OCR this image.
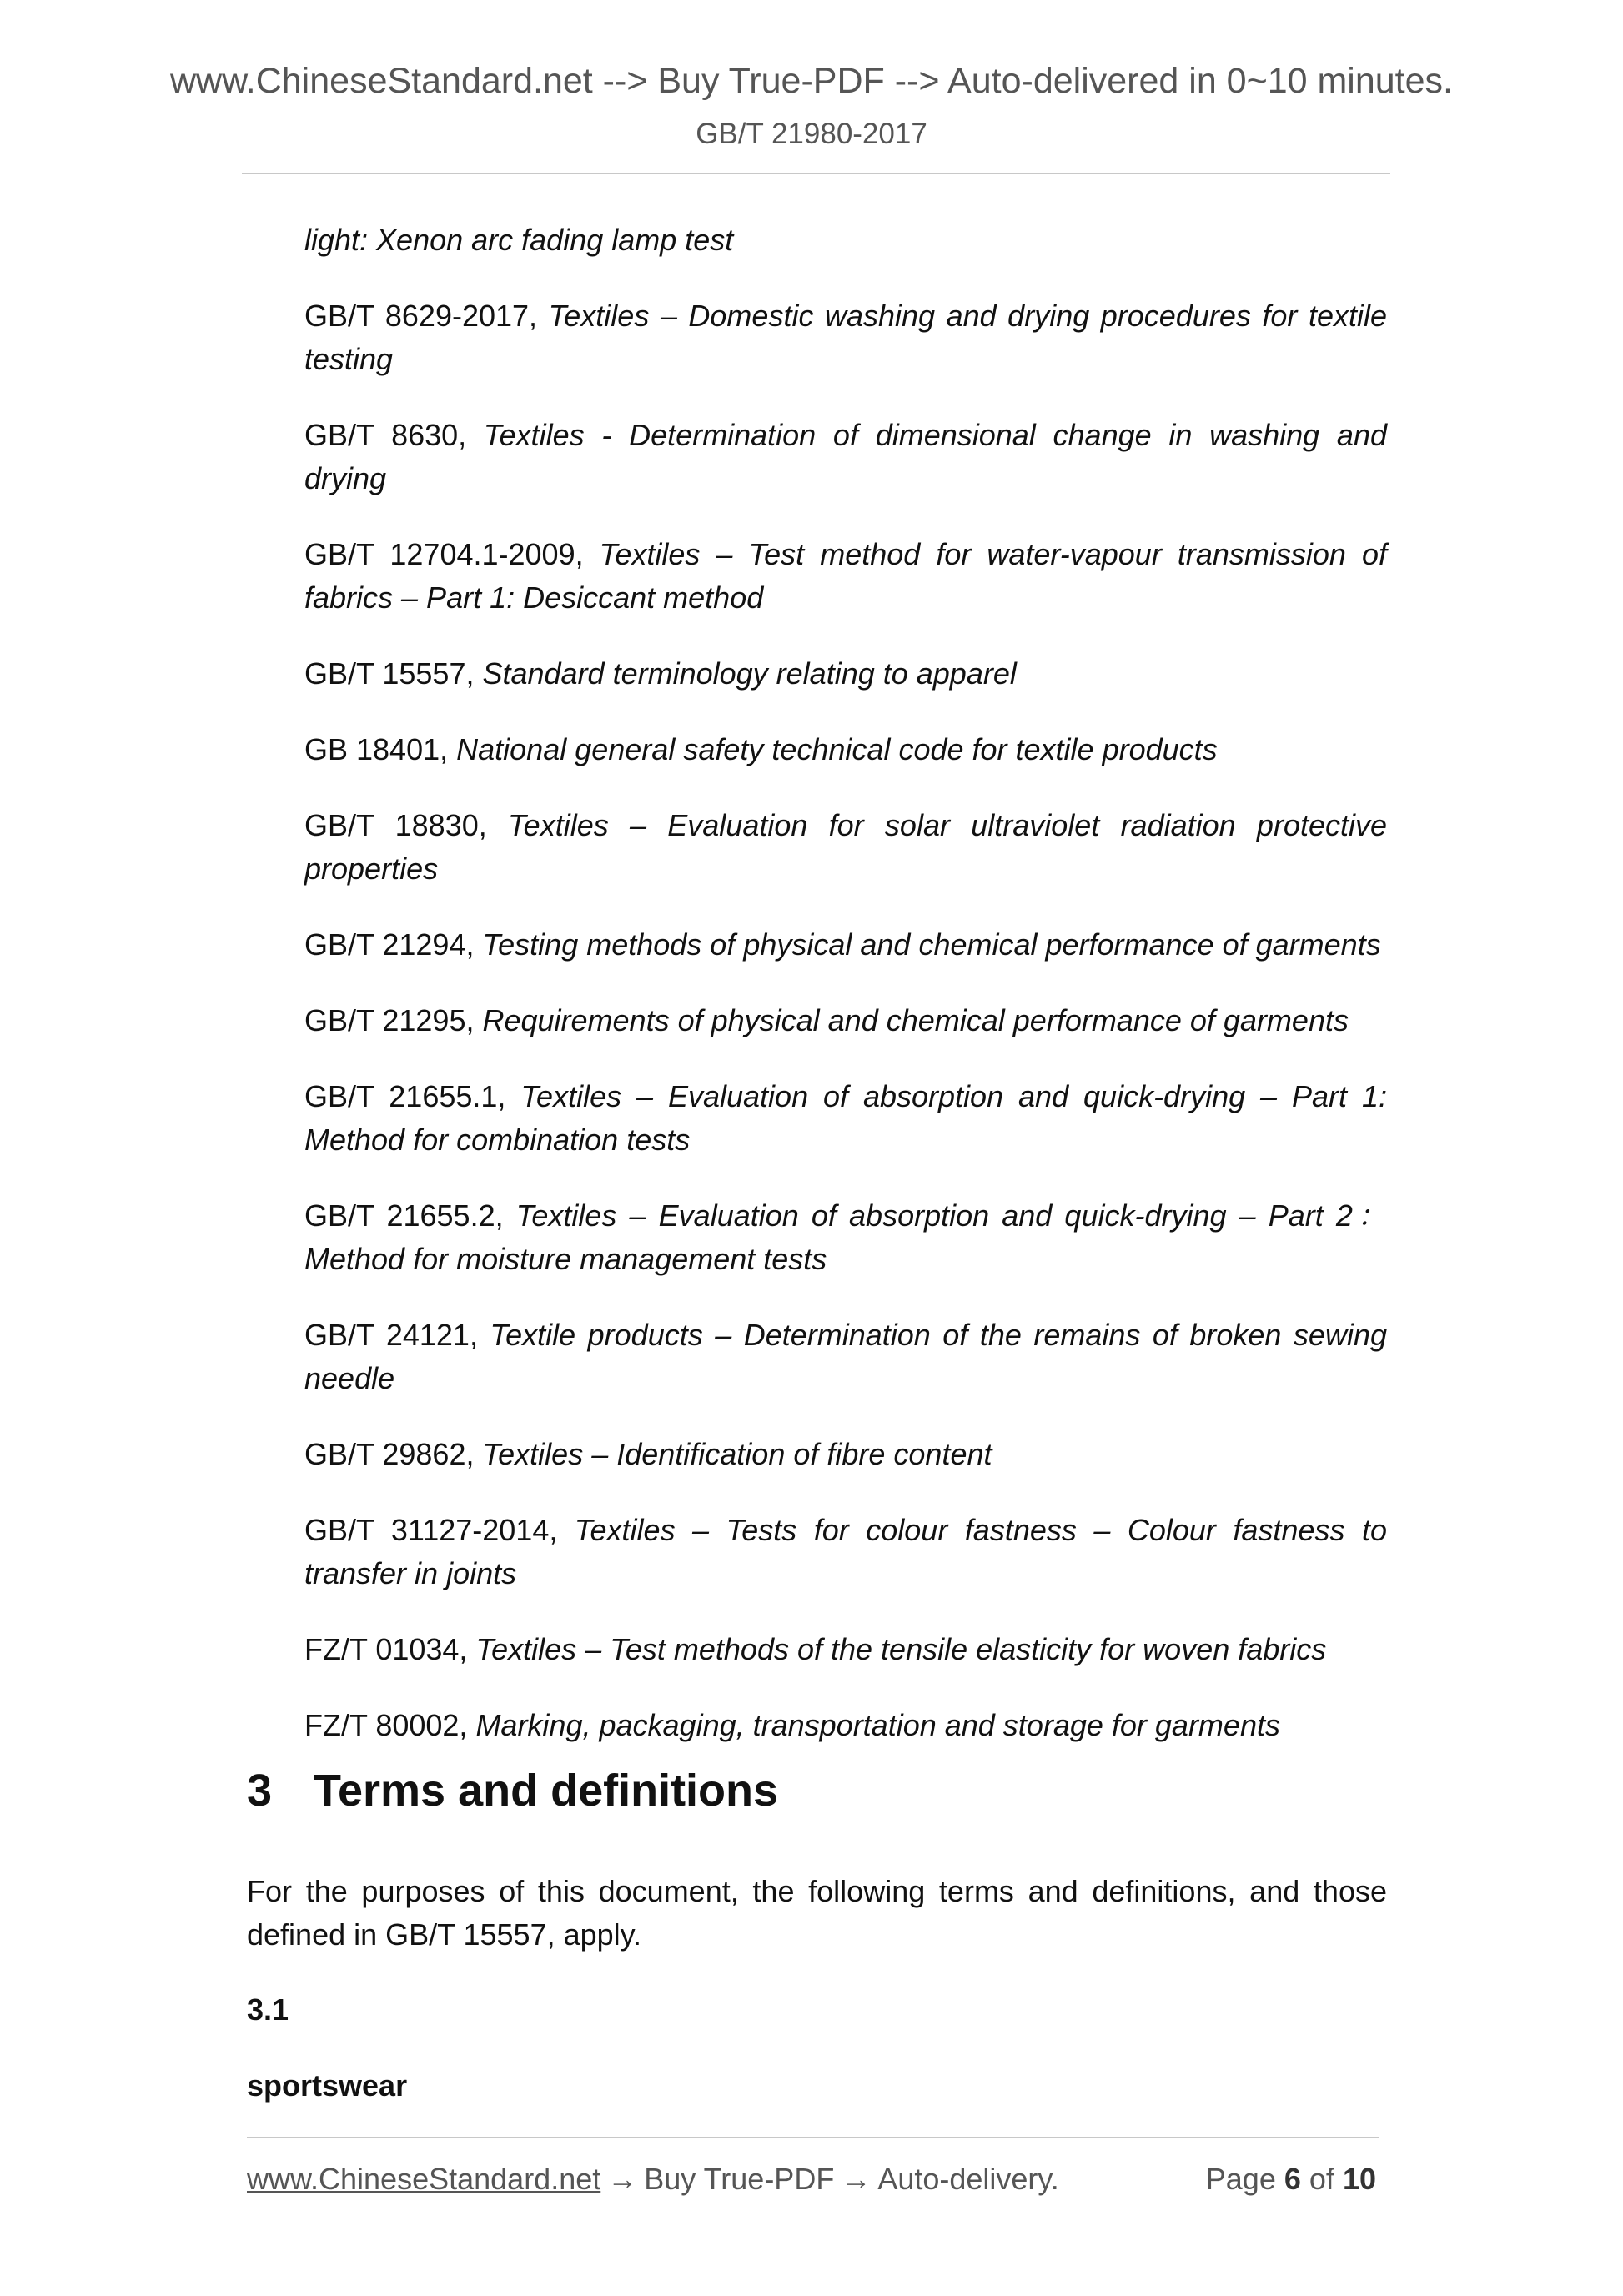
www.ChineseStandard.net --> Buy True-PDF --> Auto-delivered in 0~10 minutes.
GB/T 21980-2017

light: Xenon arc fading lamp test

GB/T 8629-2017, Textiles – Domestic washing and drying procedures for textile testing

GB/T 8630, Textiles - Determination of dimensional change in washing and drying

GB/T 12704.1-2009, Textiles – Test method for water-vapour transmission of fabrics – Part 1: Desiccant method

GB/T 15557, Standard terminology relating to apparel

GB 18401, National general safety technical code for textile products

GB/T 18830, Textiles – Evaluation for solar ultraviolet radiation protective properties

GB/T 21294, Testing methods of physical and chemical performance of garments

GB/T 21295, Requirements of physical and chemical performance of garments

GB/T 21655.1, Textiles – Evaluation of absorption and quick-drying – Part 1: Method for combination tests

GB/T 21655.2, Textiles – Evaluation of absorption and quick-drying – Part 2：Method for moisture management tests

GB/T 24121, Textile products – Determination of the remains of broken sewing needle

GB/T 29862, Textiles – Identification of fibre content

GB/T 31127-2014, Textiles – Tests for colour fastness – Colour fastness to transfer in joints

FZ/T 01034, Textiles – Test methods of the tensile elasticity for woven fabrics

FZ/T 80002, Marking, packaging, transportation and storage for garments

3 Terms and definitions

For the purposes of this document, the following terms and definitions, and those defined in GB/T 15557, apply.

3.1

sportswear

www.ChineseStandard.net → Buy True-PDF → Auto-delivery.	Page 6 of 10
